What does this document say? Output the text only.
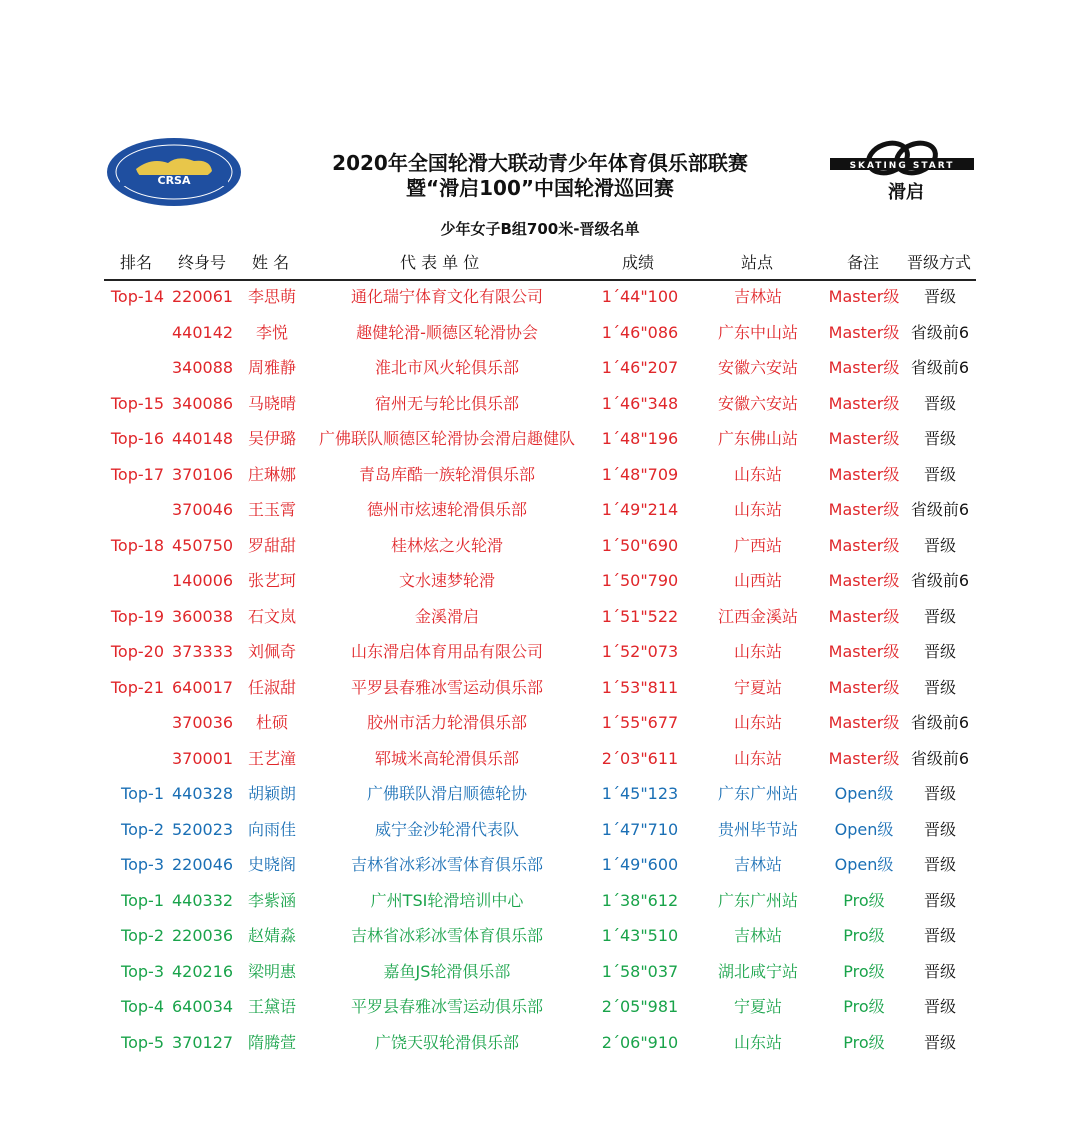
CRSA
SKATING START
滑启
2020年全国轮滑大联动青少年体育俱乐部联赛
暨“滑启100”中国轮滑巡回赛
少年女子B组700米-晋级名单
排名 终身号 姓 名	代 表 单 位	成绩	站点	备注 晋级方式
Top-14 220061 李思萌	通化瑞宁体育文化有限公司	1΄44"100	吉林站	Master级	晋级
440142	李悦	趣健轮滑-顺德区轮滑协会	1΄46"086	广东中山站	Master级 省级前6
340088 周雅静	淮北市风火轮俱乐部	1΄46"207	安徽六安站	Master级 省级前6
Top-15 340086 马晓晴	宿州无与轮比俱乐部	1΄46"348	安徽六安站	Master级	晋级
Top-16 440148 吴伊璐	广佛联队顺德区轮滑协会滑启趣健队	1΄48"196	广东佛山站	Master级	晋级
Top-17 370106 庄琳娜	青岛库酷一族轮滑俱乐部	1΄48"709	山东站	Master级	晋级
370046 王玉霄	德州市炫速轮滑俱乐部	1΄49"214	山东站	Master级 省级前6
Top-18 450750 罗甜甜	桂林炫之火轮滑	1΄50"690	广西站	Master级	晋级
140006 张艺珂	文水速梦轮滑	1΄50"790	山西站	Master级 省级前6
Top-19 360038 石文岚	金溪滑启	1΄51"522	江西金溪站	Master级	晋级
Top-20 373333 刘佩奇	山东滑启体育用品有限公司	1΄52"073	山东站	Master级	晋级
Top-21 640017 任淑甜	平罗县春雅冰雪运动俱乐部	1΄53"811	宁夏站	Master级	晋级
370036	杜硕	胶州市活力轮滑俱乐部	1΄55"677	山东站	Master级 省级前6
370001 王艺潼	郓城米高轮滑俱乐部	2΄03"611	山东站	Master级 省级前6
Top-1 440328 胡颖朗	广佛联队滑启顺德轮协	1΄45"123	广东广州站	Open级	晋级
Top-2 520023 向雨佳	威宁金沙轮滑代表队	1΄47"710	贵州毕节站	Open级	晋级
Top-3 220046 史晓阁	吉林省冰彩冰雪体育俱乐部	1΄49"600	吉林站	Open级	晋级
Top-1 440332 李紫涵	广州TSI轮滑培训中心	1΄38"612	广东广州站	Pro级	晋级
Top-2 220036 赵婧淼	吉林省冰彩冰雪体育俱乐部	1΄43"510	吉林站	Pro级	晋级
Top-3 420216 梁明惠	嘉鱼JS轮滑俱乐部	1΄58"037	湖北咸宁站	Pro级	晋级
Top-4 640034 王黛语	平罗县春雅冰雪运动俱乐部	2΄05"981	宁夏站	Pro级	晋级
Top-5 370127 隋腾萱	广饶天驭轮滑俱乐部	2΄06"910	山东站	Pro级	晋级
